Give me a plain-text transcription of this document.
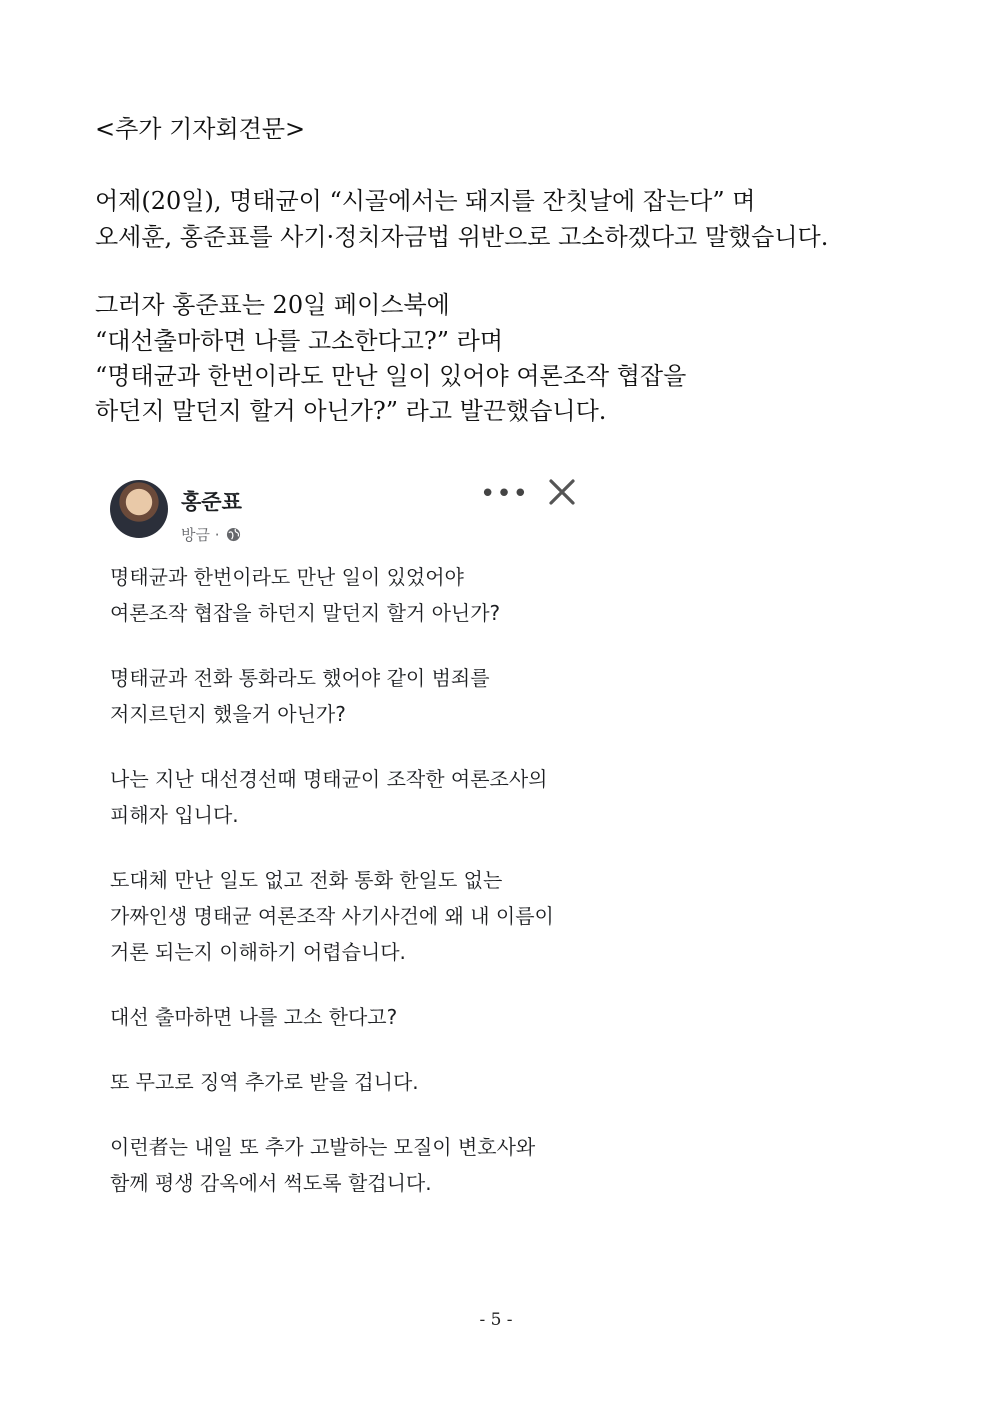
<추가 기자회견문>
어제(20일), 명태균이 “시골에서는 돼지를 잔칫날에 잡는다” 며
오세훈, 홍준표를 사기·정치자금법 위반으로 고소하겠다고 말했습니다.
그러자 홍준표는 20일 페이스북에
“대선출마하면 나를 고소한다고?” 라며
“명태균과 한번이라도 만난 일이 있어야 여론조작 협잡을
하던지 말던지 할거 아닌가?” 라고 발끈했습니다.
홍준표
방금 ·
•••
명태균과 한번이라도 만난 일이 있었어야
여론조작 협잡을 하던지 말던지 할거 아닌가?
명태균과 전화 통화라도 했어야 같이 범죄를
저지르던지 했을거 아닌가?
나는 지난 대선경선때 명태균이 조작한 여론조사의
피해자 입니다.
도대체 만난 일도 없고 전화 통화 한일도 없는
가짜인생 명태균 여론조작 사기사건에 왜 내 이름이
거론 되는지 이해하기 어렵습니다.
대선 출마하면 나를 고소 한다고?
또 무고로 징역 추가로 받을 겁니다.
이런者는 내일 또 추가 고발하는 모질이 변호사와
함께 평생 감옥에서 썩도록 할겁니다.
- 5 -
